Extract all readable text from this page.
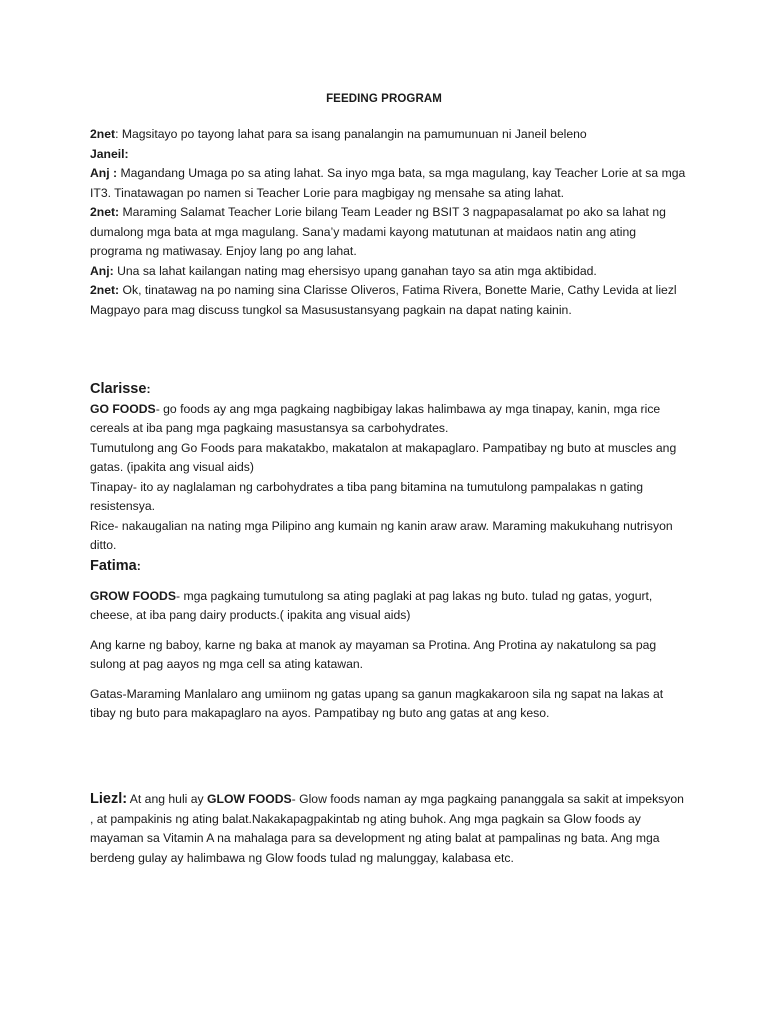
FEEDING PROGRAM

2net: Magsitayo po tayong lahat para sa isang panalangin na pamumunuan ni Janeil beleno

Janeil:

Anj : Magandang Umaga po sa ating lahat. Sa inyo mga bata, sa mga magulang, kay Teacher Lorie at sa mga IT3. Tinatawagan po namen si Teacher Lorie para magbigay ng mensahe sa ating lahat.

2net: Maraming Salamat Teacher Lorie bilang Team Leader ng BSIT 3 nagpapasalamat po ako sa lahat ng dumalong mga bata at mga magulang. Sana’y madami kayong matutunan at maidaos natin ang ating programa ng matiwasay. Enjoy lang po ang lahat.

Anj: Una sa lahat kailangan nating mag ehersisyo upang ganahan tayo sa atin mga aktibidad.

2net: Ok, tinatawag na po naming sina Clarisse Oliveros, Fatima Rivera, Bonette Marie, Cathy Levida at liezl Magpayo para mag discuss tungkol sa Masusustansyang pagkain na dapat nating kainin.

Clarisse:

GO FOODS- go foods ay ang mga pagkaing nagbibigay lakas halimbawa ay mga tinapay, kanin, mga rice cereals at iba pang mga pagkaing masustansya sa carbohydrates.

Tumutulong ang Go Foods para makatakbo, makatalon at makapaglaro. Pampatibay ng buto at muscles ang gatas. (ipakita ang visual aids)

Tinapay- ito ay naglalaman ng carbohydrates a tiba pang bitamina na tumutulong pampalakas n gating resistensya.

Rice- nakaugalian na nating mga Pilipino ang kumain ng kanin araw araw. Maraming makukuhang nutrisyon ditto.

Fatima:

GROW FOODS- mga pagkaing tumutulong sa ating paglaki at pag lakas ng buto. tulad ng gatas, yogurt, cheese, at iba pang dairy products.( ipakita ang visual aids)

Ang karne ng baboy, karne ng baka at manok ay mayaman sa Protina. Ang Protina ay nakatulong sa pag sulong at pag aayos ng mga cell sa ating katawan.

Gatas-Maraming Manlalaro ang umiinom ng gatas upang sa ganun magkakaroon sila ng sapat na lakas at tibay ng buto para makapaglaro na ayos. Pampatibay ng buto ang gatas at ang keso.

Liezl: At ang huli ay GLOW FOODS- Glow foods naman ay mga pagkaing pananggala sa sakit at impeksyon , at pampakinis ng ating balat.Nakakapagpakintab ng ating buhok. Ang mga pagkain sa Glow foods ay mayaman sa Vitamin A na mahalaga para sa development ng ating balat at pampalinas ng bata. Ang mga berdeng gulay ay halimbawa ng Glow foods tulad ng malunggay, kalabasa etc.
